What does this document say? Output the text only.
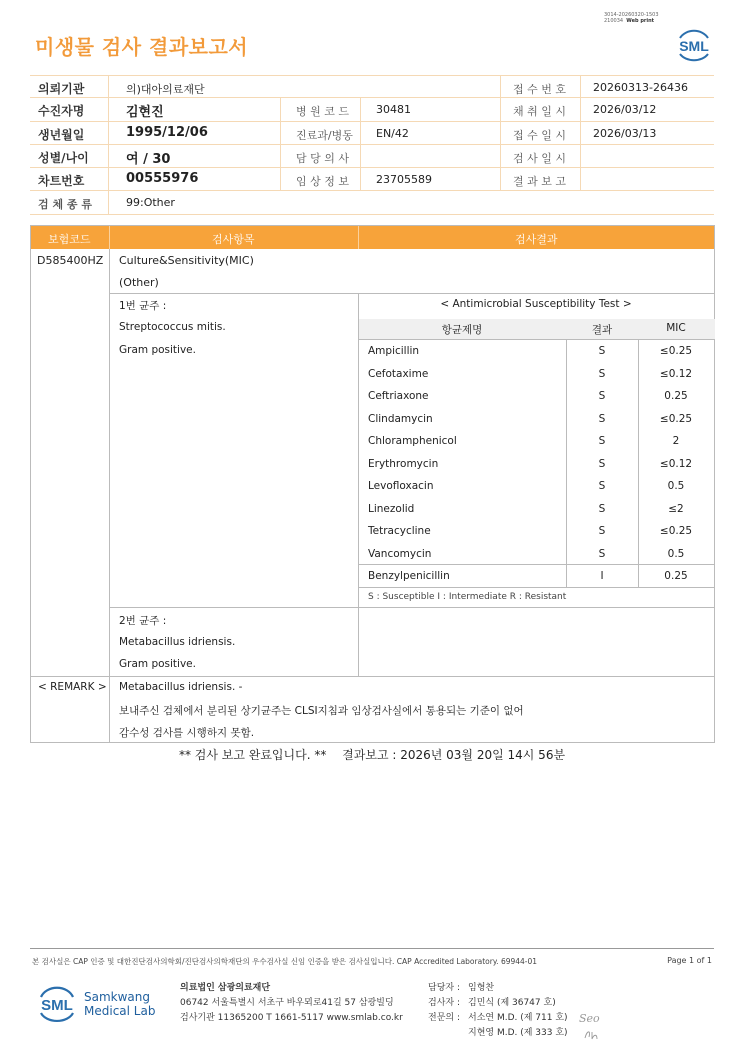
3014-20260320-1503
210034 Web print
미생물 검사 결과보고서	SML
의뢰기관	의)대아의료재단	접 수 번 호 20260313-26436
수진자명	김현진	병 원 코 드 30481	채 취 일 시 2026/03/12
생년월일	1995/12/06	진료과/병동 EN/42	접 수 일 시 2026/03/13
성별/나이	여 / 30	담 당 의 사	검 사 일 시
차트번호	00555976	임 상 정 보 23705589	결 과 보 고
검 체 종 류	99:Other
보험코드	검사항목	검사결과
D585400HZ Culture&Sensitivity(MIC)
(Other)
1번 균주 :
Streptococcus mitis.
Gram positive.
< Antimicrobial Susceptibility Test >
항균제명	결과	MIC
Ampicillin	S	≤0.25
Cefotaxime	S	≤0.12
Ceftriaxone	S	0.25
Clindamycin	S	≤0.25
Chloramphenicol	S	2
Erythromycin	S	≤0.12
Levofloxacin	S	0.5
Linezolid	S	≤2
Tetracycline	S	≤0.25
Vancomycin	S	0.5
Benzylpenicillin	I	0.25
S : Susceptible I : Intermediate R : Resistant
2번 균주 :
Metabacillus idriensis.
Gram positive.
< REMARK > Metabacillus idriensis. -
보내주신 검체에서 분리된 상기균주는 CLSI지침과 임상검사실에서 통용되는 기준이 없어
감수성 검사를 시행하지 못함.
** 검사 보고 완료입니다. ** 결과보고 : 2026년 03월 20일 14시 56분
본 검사실은 CAP 인증 및 대한진단검사의학회/진단검사의학재단의 우수검사실 신임 인증을 받은 검사실입니다. CAP Accredited Laboratory. 69944-01	Page 1 of 1
SML Samkwang
Medical Lab
의료법인 삼광의료재단
06742 서울특별시 서초구 바우뫼로41길 57 삼광빌딩
검사기관 11365200 T 1661-5117 www.smlab.co.kr
담당자 : 임형찬
검사자 : 김민식 (제 36747 호)
전문의 : 서소연 M.D. (제 711 호)
지현영 M.D. (제 333 호)
Seo
